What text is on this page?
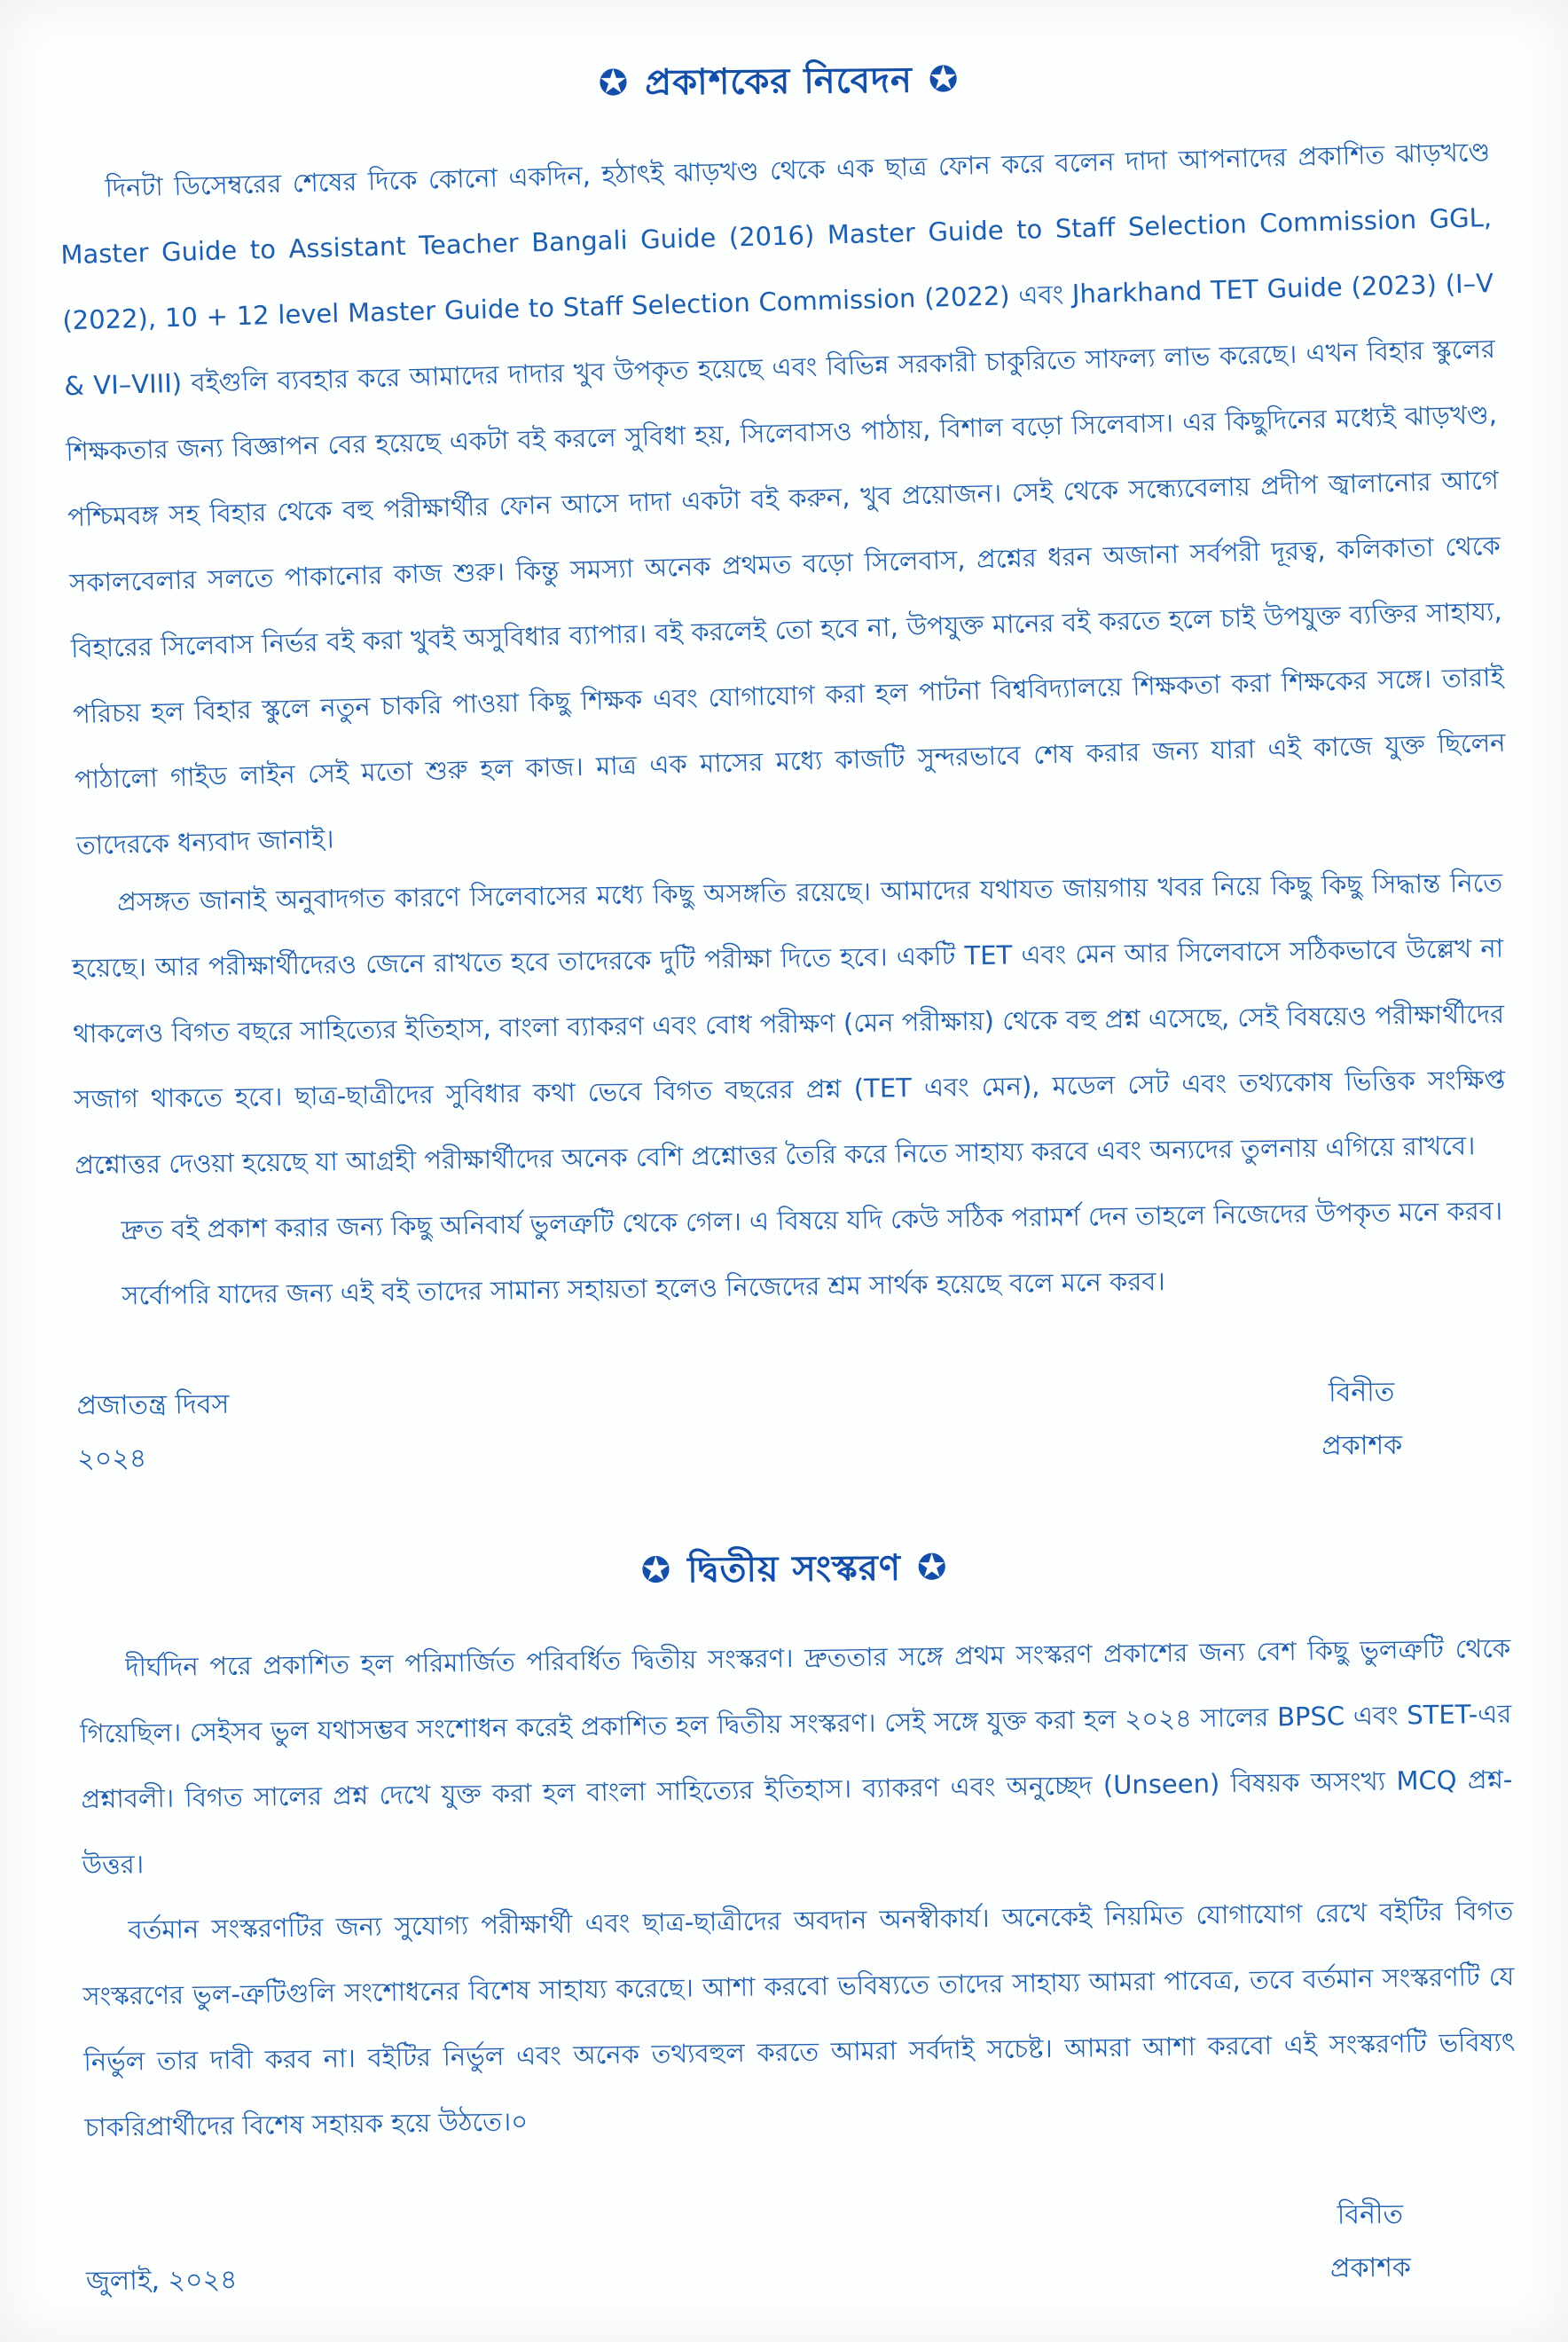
✪ প্রকাশকের নিবেদন ✪

দিনটা ডিসেম্বরের শেষের দিকে কোনো একদিন, হঠাৎই ঝাড়খণ্ড থেকে এক ছাত্র ফোন করে বলেন দাদা আপনাদের প্রকাশিত ঝাড়খণ্ডে Master Guide to Assistant Teacher Bangali Guide (2016) Master Guide to Staff Selection Commission GGL, (2022), 10 + 12 level Master Guide to Staff Selection Commission (2022) এবং Jharkhand TET Guide (2023) (I–V & VI–VIII) বইগুলি ব্যবহার করে আমাদের দাদার খুব উপকৃত হয়েছে এবং বিভিন্ন সরকারী চাকুরিতে সাফল্য লাভ করেছে। এখন বিহার স্কুলের শিক্ষকতার জন্য বিজ্ঞাপন বের হয়েছে একটা বই করলে সুবিধা হয়, সিলেবাসও পাঠায়, বিশাল বড়ো সিলেবাস। এর কিছুদিনের মধ্যেই ঝাড়খণ্ড, পশ্চিমবঙ্গ সহ বিহার থেকে বহু পরীক্ষার্থীর ফোন আসে দাদা একটা বই করুন, খুব প্রয়োজন। সেই থেকে সন্ধ্যেবেলায় প্রদীপ জ্বালানোর আগে সকালবেলার সলতে পাকানোর কাজ শুরু। কিন্তু সমস্যা অনেক প্রথমত বড়ো সিলেবাস, প্রশ্নের ধরন অজানা সর্বপরী দূরত্ব, কলিকাতা থেকে বিহারের সিলেবাস নির্ভর বই করা খুবই অসুবিধার ব্যাপার। বই করলেই তো হবে না, উপযুক্ত মানের বই করতে হলে চাই উপযুক্ত ব্যক্তির সাহায্য, পরিচয় হল বিহার স্কুলে নতুন চাকরি পাওয়া কিছু শিক্ষক এবং যোগাযোগ করা হল পাটনা বিশ্ববিদ্যালয়ে শিক্ষকতা করা শিক্ষকের সঙ্গে। তারাই পাঠালো গাইড লাইন সেই মতো শুরু হল কাজ। মাত্র এক মাসের মধ্যে কাজটি সুন্দরভাবে শেষ করার জন্য যারা এই কাজে যুক্ত ছিলেন তাদেরকে ধন্যবাদ জানাই।

প্রসঙ্গত জানাই অনুবাদগত কারণে সিলেবাসের মধ্যে কিছু অসঙ্গতি রয়েছে। আমাদের যথাযত জায়গায় খবর নিয়ে কিছু কিছু সিদ্ধান্ত নিতে হয়েছে। আর পরীক্ষার্থীদেরও জেনে রাখতে হবে তাদেরকে দুটি পরীক্ষা দিতে হবে। একটি TET এবং মেন আর সিলেবাসে সঠিকভাবে উল্লেখ না থাকলেও বিগত বছরে সাহিত্যের ইতিহাস, বাংলা ব্যাকরণ এবং বোধ পরীক্ষণ (মেন পরীক্ষায়) থেকে বহু প্রশ্ন এসেছে, সেই বিষয়েও পরীক্ষার্থীদের সজাগ থাকতে হবে। ছাত্র-ছাত্রীদের সুবিধার কথা ভেবে বিগত বছরের প্রশ্ন (TET এবং মেন), মডেল সেট এবং তথ্যকোষ ভিত্তিক সংক্ষিপ্ত প্রশ্নোত্তর দেওয়া হয়েছে যা আগ্রহী পরীক্ষার্থীদের অনেক বেশি প্রশ্নোত্তর তৈরি করে নিতে সাহায্য করবে এবং অন্যদের তুলনায় এগিয়ে রাখবে।

দ্রুত বই প্রকাশ করার জন্য কিছু অনিবার্য ভুলত্রুটি থেকে গেল। এ বিষয়ে যদি কেউ সঠিক পরামর্শ দেন তাহলে নিজেদের উপকৃত মনে করব।

সর্বোপরি যাদের জন্য এই বই তাদের সামান্য সহায়তা হলেও নিজেদের শ্রম সার্থক হয়েছে বলে মনে করব।

প্রজাতন্ত্র দিবস
২০২৪
বিনীত
প্রকাশক
✪ দ্বিতীয় সংস্করণ ✪

দীর্ঘদিন পরে প্রকাশিত হল পরিমার্জিত পরিবর্ধিত দ্বিতীয় সংস্করণ। দ্রুততার সঙ্গে প্রথম সংস্করণ প্রকাশের জন্য বেশ কিছু ভুলত্রুটি থেকে গিয়েছিল। সেইসব ভুল যথাসম্ভব সংশোধন করেই প্রকাশিত হল দ্বিতীয় সংস্করণ। সেই সঙ্গে যুক্ত করা হল ২০২৪ সালের BPSC এবং STET-এর প্রশ্নাবলী। বিগত সালের প্রশ্ন দেখে যুক্ত করা হল বাংলা সাহিত্যের ইতিহাস। ব্যাকরণ এবং অনুচ্ছেদ (Unseen) বিষয়ক অসংখ্য MCQ প্রশ্ন-উত্তর।

বর্তমান সংস্করণটির জন্য সুযোগ্য পরীক্ষার্থী এবং ছাত্র-ছাত্রীদের অবদান অনস্বীকার্য। অনেকেই নিয়মিত যোগাযোগ রেখে বইটির বিগত সংস্করণের ভুল-ত্রুটিগুলি সংশোধনের বিশেষ সাহায্য করেছে। আশা করবো ভবিষ্যতে তাদের সাহায্য আমরা পাবেত্র, তবে বর্তমান সংস্করণটি যে নির্ভুল তার দাবী করব না। বইটির নির্ভুল এবং অনেক তথ্যবহুল করতে আমরা সর্বদাই সচেষ্ট। আমরা আশা করবো এই সংস্করণটি ভবিষ্যৎ চাকরিপ্রার্থীদের বিশেষ সহায়ক হয়ে উঠতে।০

জুলাই, ২০২৪
বিনীত
প্রকাশক
